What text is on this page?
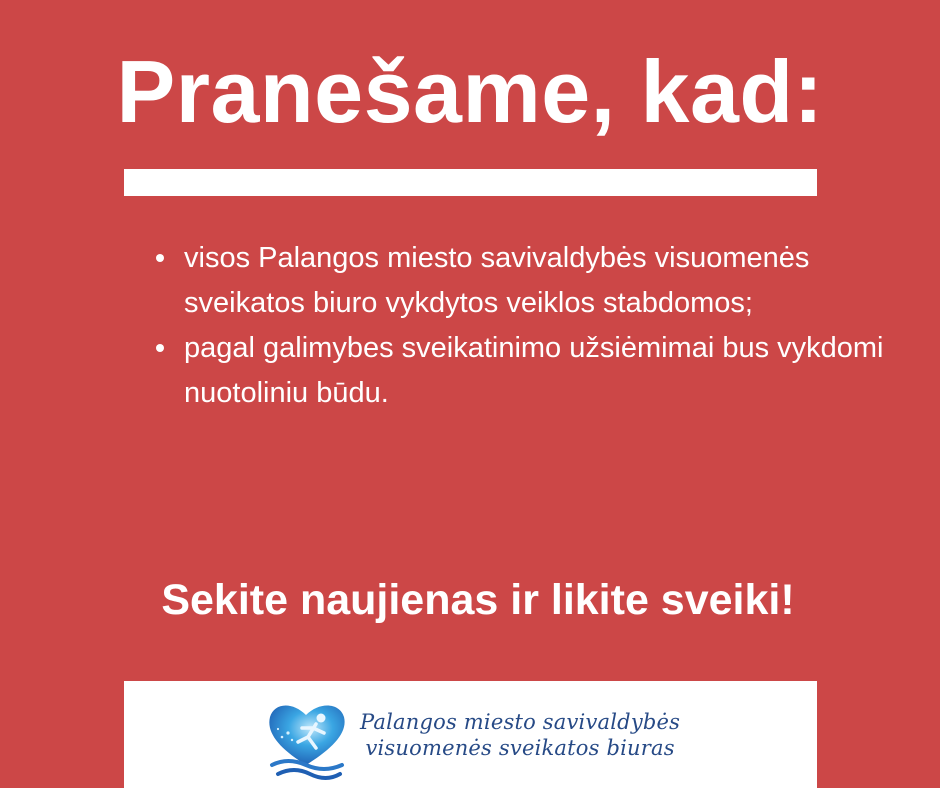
Pranešame, kad:
visos Palangos miesto savivaldybės visuomenės sveikatos biuro vykdytos veiklos stabdomos;
pagal galimybes sveikatinimo užsiėmimai bus vykdomi nuotoliniu būdu.

Sekite naujienas ir likite sveiki!

Palangos miesto savivaldybės
visuomenės sveikatos biuras
